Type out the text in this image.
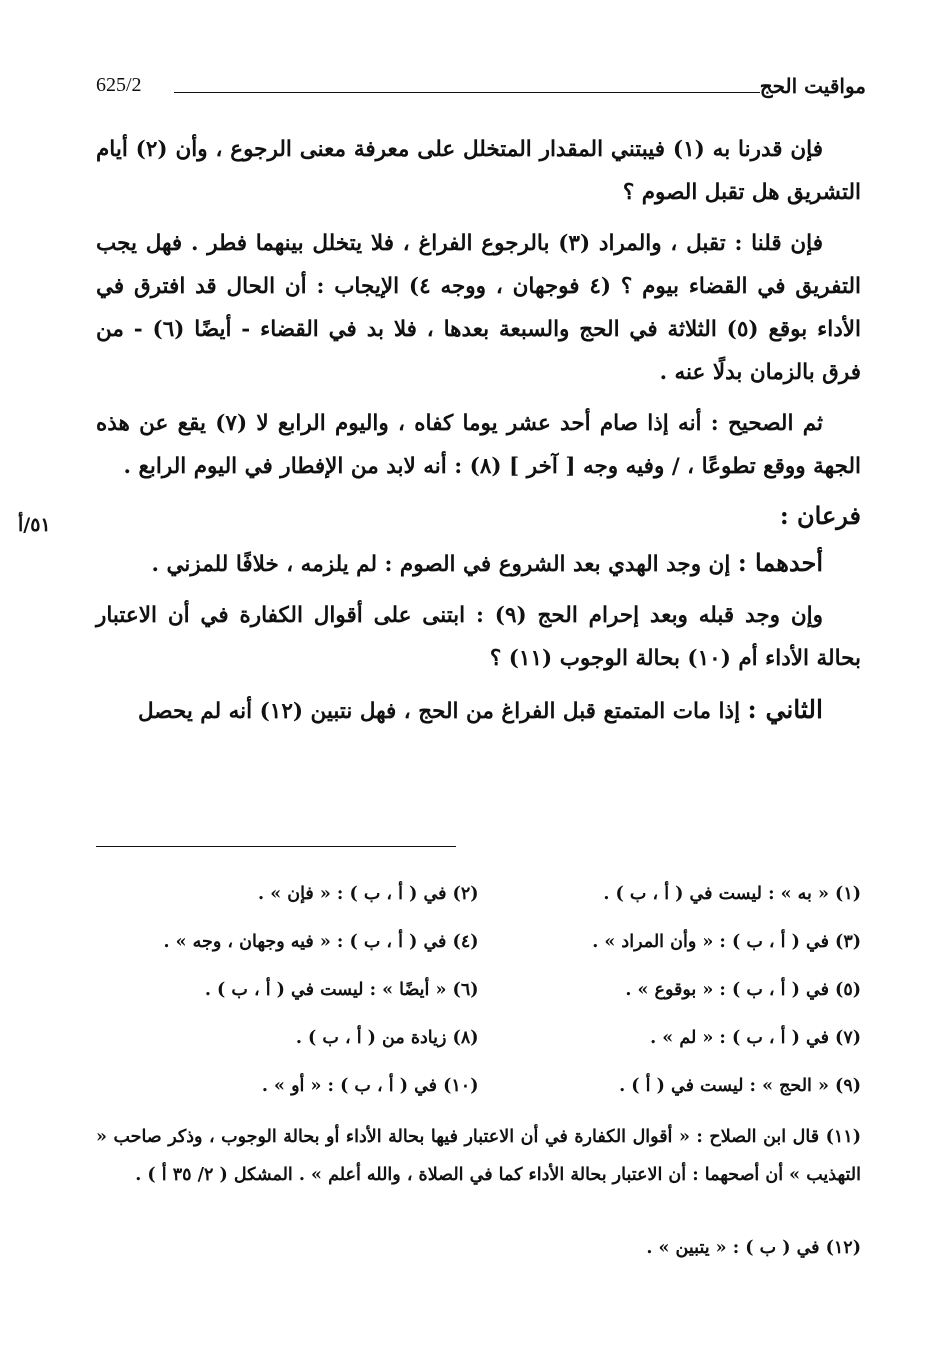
مواقيت الحج
625/2
٥١/أ

فإن قدرنا به (١) فيبتني المقدار المتخلل على معرفة معنى الرجوع ، وأن (٢) أيام التشريق هل تقبل الصوم ؟

فإن قلنا : تقبل ، والمراد (٣) بالرجوع الفراغ ، فلا يتخلل بينهما فطر . فهل يجب التفريق في القضاء بيوم ؟ (٤ فوجهان ، ووجه ٤) الإيجاب : أن الحال قد افترق في الأداء بوقع (٥) الثلاثة في الحج والسبعة بعدها ، فلا بد في القضاء - أيضًا (٦) - من فرق بالزمان بدلًا عنه .

ثم الصحيح : أنه إذا صام أحد عشر يوما كفاه ، واليوم الرابع لا (٧) يقع عن هذه الجهة ووقع تطوعًا ، / وفيه وجه [ آخر ] (٨) : أنه لابد من الإفطار في اليوم الرابع .

فرعان :

أحدهما : إن وجد الهدي بعد الشروع في الصوم : لم يلزمه ، خلافًا للمزني .

وإن وجد قبله وبعد إحرام الحج (٩) : ابتنى على أقوال الكفارة في أن الاعتبار بحالة الأداء أم (١٠) بحالة الوجوب (١١) ؟

الثاني : إذا مات المتمتع قبل الفراغ من الحج ، فهل نتبين (١٢) أنه لم يحصل

(١) « به » : ليست في ( أ ، ب ) .
(٢) في ( أ ، ب ) : « فإن » .
(٣) في ( أ ، ب ) : « وأن المراد » .
(٤) في ( أ ، ب ) : « فيه وجهان ، وجه » .
(٥) في ( أ ، ب ) : « بوقوع » .
(٦) « أيضًا » : ليست في ( أ ، ب ) .
(٧) في ( أ ، ب ) : « لم » .
(٨) زيادة من ( أ ، ب ) .
(٩) « الحج » : ليست في ( أ ) .
(١٠) في ( أ ، ب ) : « أو » .

(١١) قال ابن الصلاح : « أقوال الكفارة في أن الاعتبار فيها بحالة الأداء أو بحالة الوجوب ، وذكر صاحب « التهذيب » أن أصحهما : أن الاعتبار بحالة الأداء كما في الصلاة ، والله أعلم » . المشكل ( ٢/ ٣٥ أ ) .

(١٢) في ( ب ) : « يتبين » .
